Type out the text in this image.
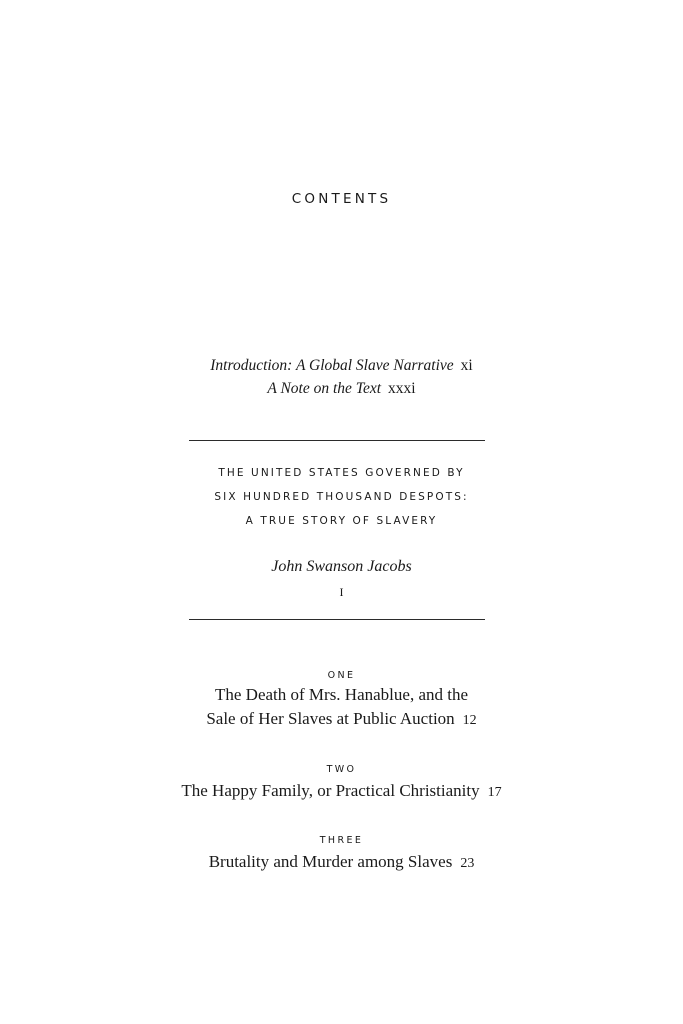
CONTENTS
Introduction: A Global Slave Narrative xi
A Note on the Text xxxi
THE UNITED STATES GOVERNED BY
SIX HUNDRED THOUSAND DESPOTS:
A TRUE STORY OF SLAVERY
John Swanson Jacobs
I
ONE
The Death of Mrs. Hanablue, and the
Sale of Her Slaves at Public Auction 12
TWO
The Happy Family, or Practical Christianity 17
THREE
Brutality and Murder among Slaves 23
